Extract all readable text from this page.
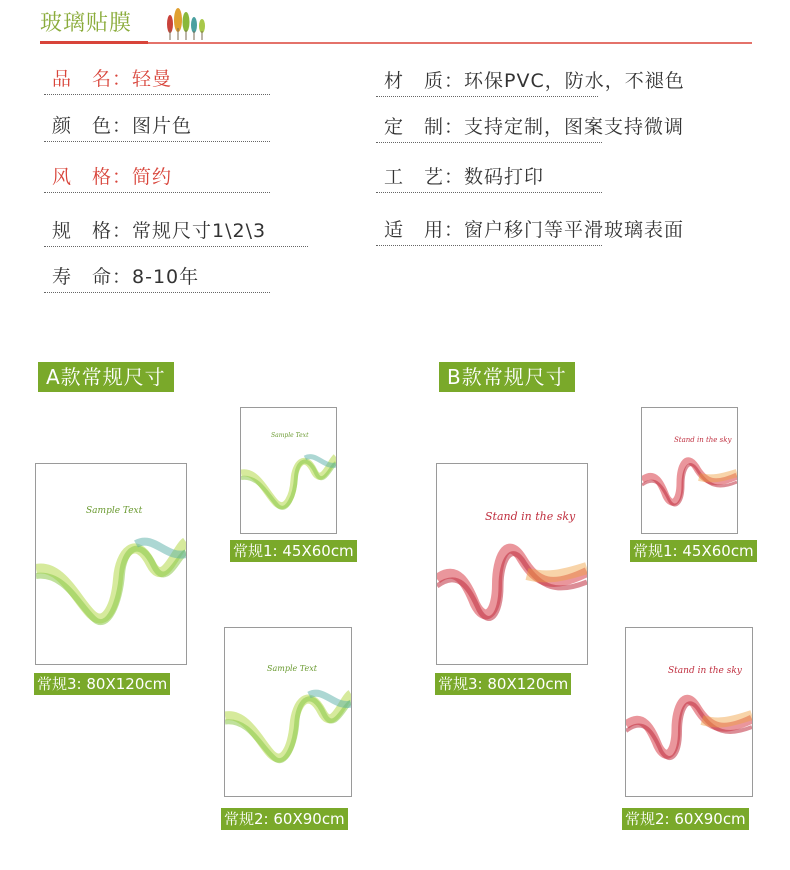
玻璃贴膜
品　名：轻曼
颜　色：图片色
风　格：简约
规　格：常规尺寸1\2\3
寿　命：8-10年
材　质：环保PVC，防水，不褪色
定　制：支持定制，图案支持微调
工　艺：数码打印
适　用：窗户移门等平滑玻璃表面
A款常规尺寸
Sample Text
常规3: 80X120cm
Sample Text
常规1: 45X60cm
Sample Text
常规2: 60X90cm
B款常规尺寸
Stand in the sky
常规3: 80X120cm
Stand in the sky
常规1: 45X60cm
Stand in the sky
常规2: 60X90cm
